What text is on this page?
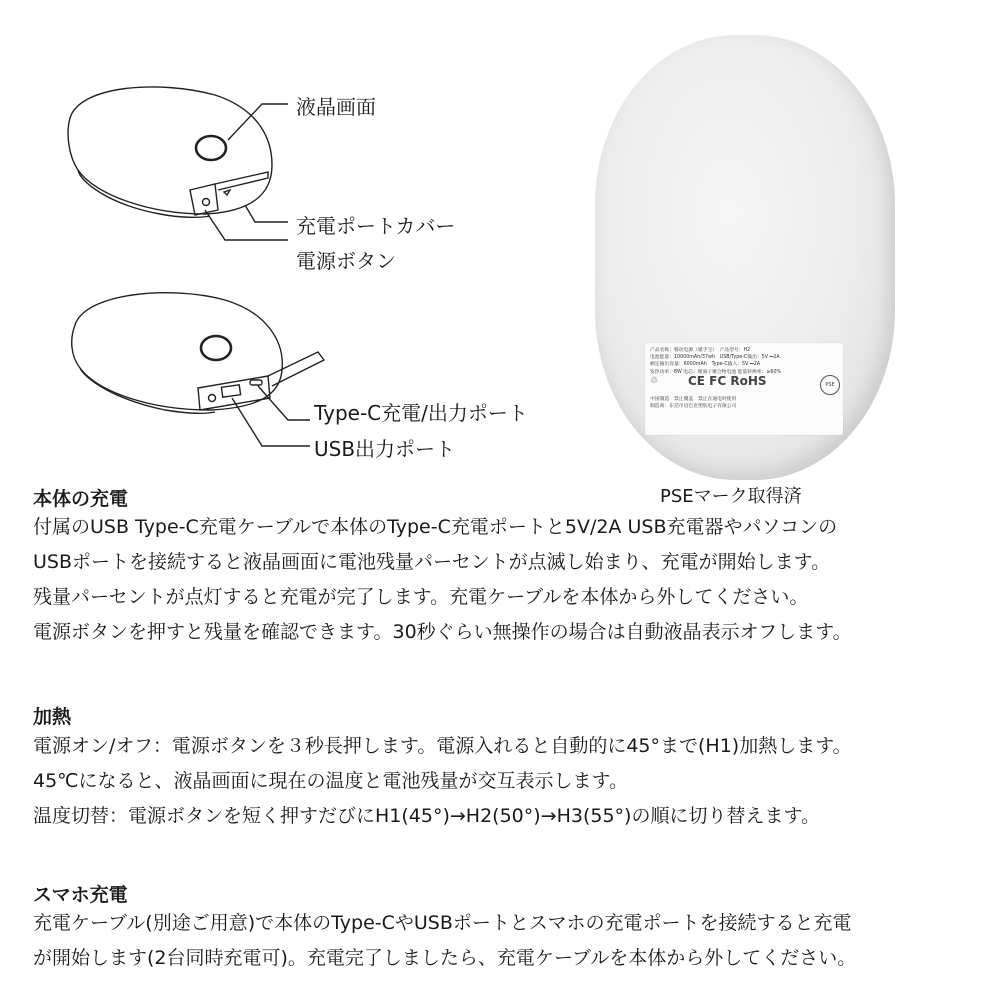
液晶画面
充電ポートカバー
電源ボタン
Type-C充電/出力ポート
USB出力ポート
产品名称：移动电源（暖手宝）　产品型号：H2
电池能量：10000mAh/37wh　USB/Type-C输出：5V ⎓2A
额定输出容量：6000mAh　Type-C输入：5V ⎓2A
发热功率：8W 电芯：锂离子聚合物电池 能量转换率：≥60%
♲ CE FC RoHS	PSE
中国制造　禁止覆盖　禁止在通电时使用
制造商：东莞市迈巴克塑胶电子有限公司
PSEマーク取得済
本体の充電
付属のUSB Type-C充電ケーブルで本体のType-C充電ポートと5V/2A USB充電器やパソコンの
USBポートを接続すると液晶画面に電池残量パーセントが点滅し始まり、充電が開始します。
残量パーセントが点灯すると充電が完了します。充電ケーブルを本体から外してください。
電源ボタンを押すと残量を確認できます。30秒ぐらい無操作の場合は自動液晶表示オフします。
加熱
電源オン/オフ：電源ボタンを３秒長押します。電源入れると自動的に45°まで(H1)加熱します。
45℃になると、液晶画面に現在の温度と電池残量が交互表示します。
温度切替：電源ボタンを短く押すだびにH1(45°)→H2(50°)→H3(55°)の順に切り替えます。
スマホ充電
充電ケーブル(別途ご用意)で本体のType-CやUSBポートとスマホの充電ポートを接続すると充電
が開始します(2台同時充電可)。充電完了しましたら、充電ケーブルを本体から外してください。
